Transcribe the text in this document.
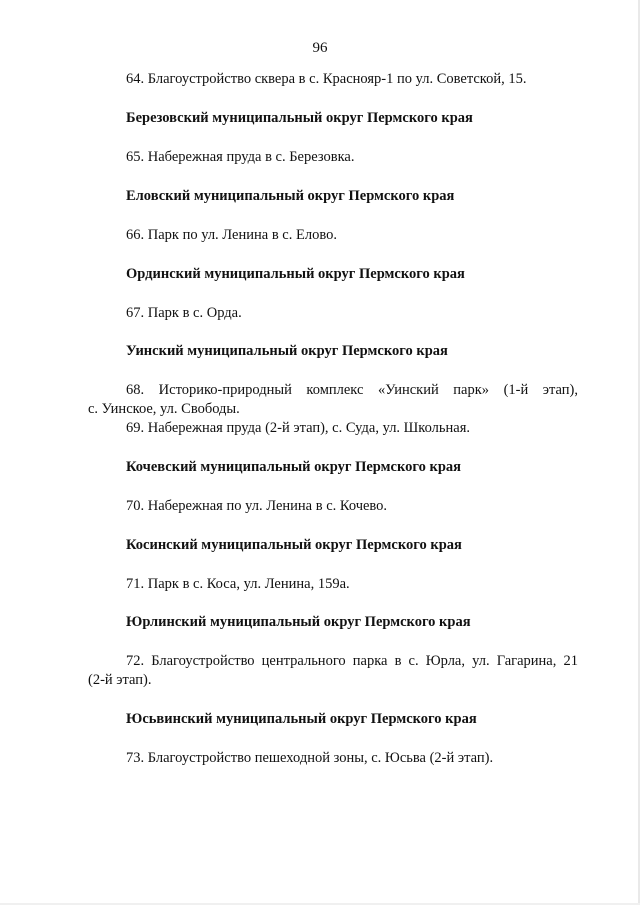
96
64. Благоустройство сквера в с. Краснояр-1 по ул. Советской, 15.
Березовский муниципальный округ Пермского края
65. Набережная пруда в с. Березовка.
Еловский муниципальный округ Пермского края
66. Парк по ул. Ленина в с. Елово.
Ординский муниципальный округ Пермского края
67. Парк в с. Орда.
Уинский муниципальный округ Пермского края
68. Историко-природный комплекс «Уинский парк» (1-й этап),
с. Уинское, ул. Свободы.
69. Набережная пруда (2-й этап), с. Суда, ул. Школьная.
Кочевский муниципальный округ Пермского края
70. Набережная по ул. Ленина в с. Кочево.
Косинский муниципальный округ Пермского края
71. Парк в с. Коса, ул. Ленина, 159а.
Юрлинский муниципальный округ Пермского края
72. Благоустройство центрального парка в с. Юрла, ул. Гагарина, 21
(2-й этап).
Юсьвинский муниципальный округ Пермского края
73. Благоустройство пешеходной зоны, с. Юсьва (2-й этап).
